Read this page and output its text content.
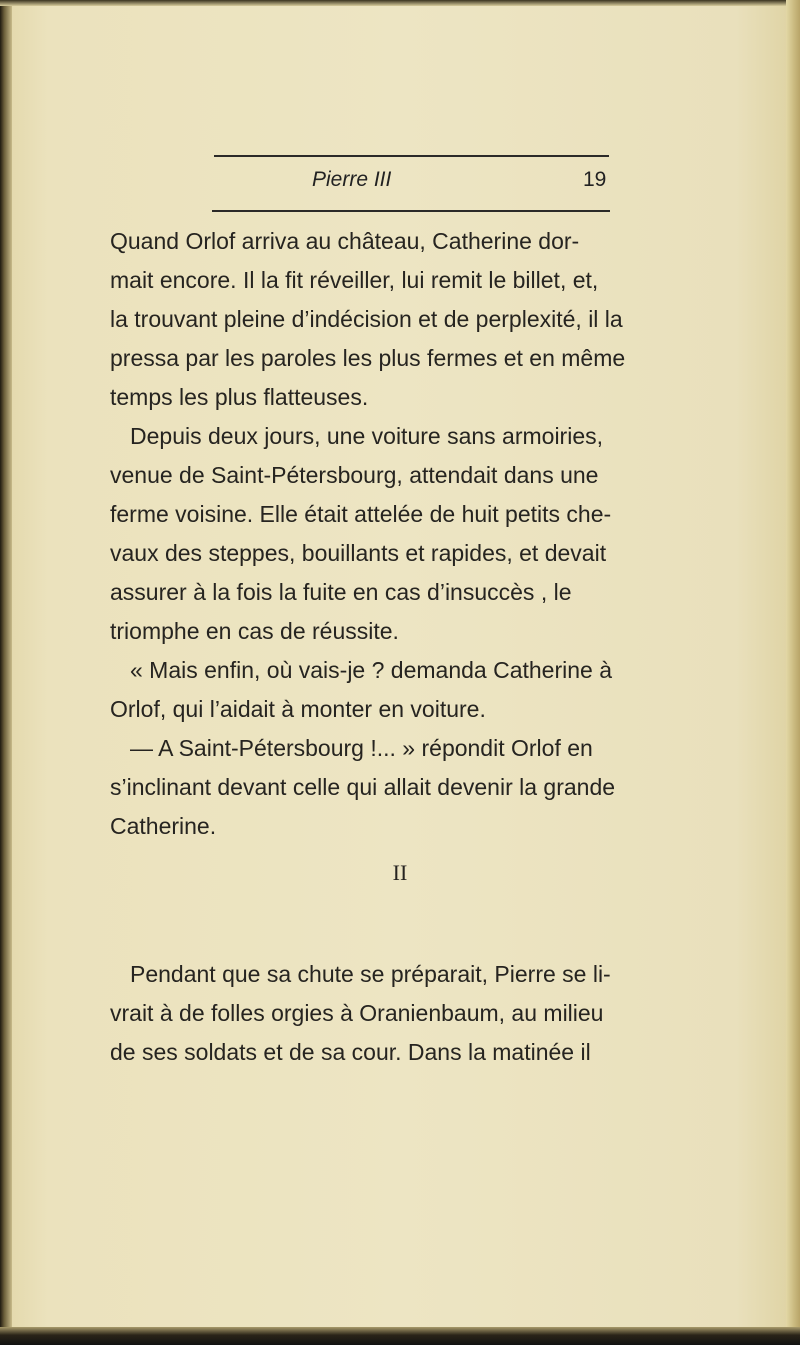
Pierre III	19
Quand Orlof arriva au château, Catherine dor-
mait encore. Il la fit réveiller, lui remit le billet, et,
la trouvant pleine d’indécision et de perplexité, il la
pressa par les paroles les plus fermes et en même
temps les plus flatteuses.
Depuis deux jours, une voiture sans armoiries,
venue de Saint-Pétersbourg, attendait dans une
ferme voisine. Elle était attelée de huit petits che-
vaux des steppes, bouillants et rapides, et devait
assurer à la fois la fuite en cas d’insuccès , le
triomphe en cas de réussite.
« Mais enfin, où vais-je ? demanda Catherine à
Orlof, qui l’aidait à monter en voiture.
— A Saint-Pétersbourg !... » répondit Orlof en
s’inclinant devant celle qui allait devenir la grande
Catherine.
II
Pendant que sa chute se préparait, Pierre se li-
vrait à de folles orgies à Oranienbaum, au milieu
de ses soldats et de sa cour. Dans la matinée il
